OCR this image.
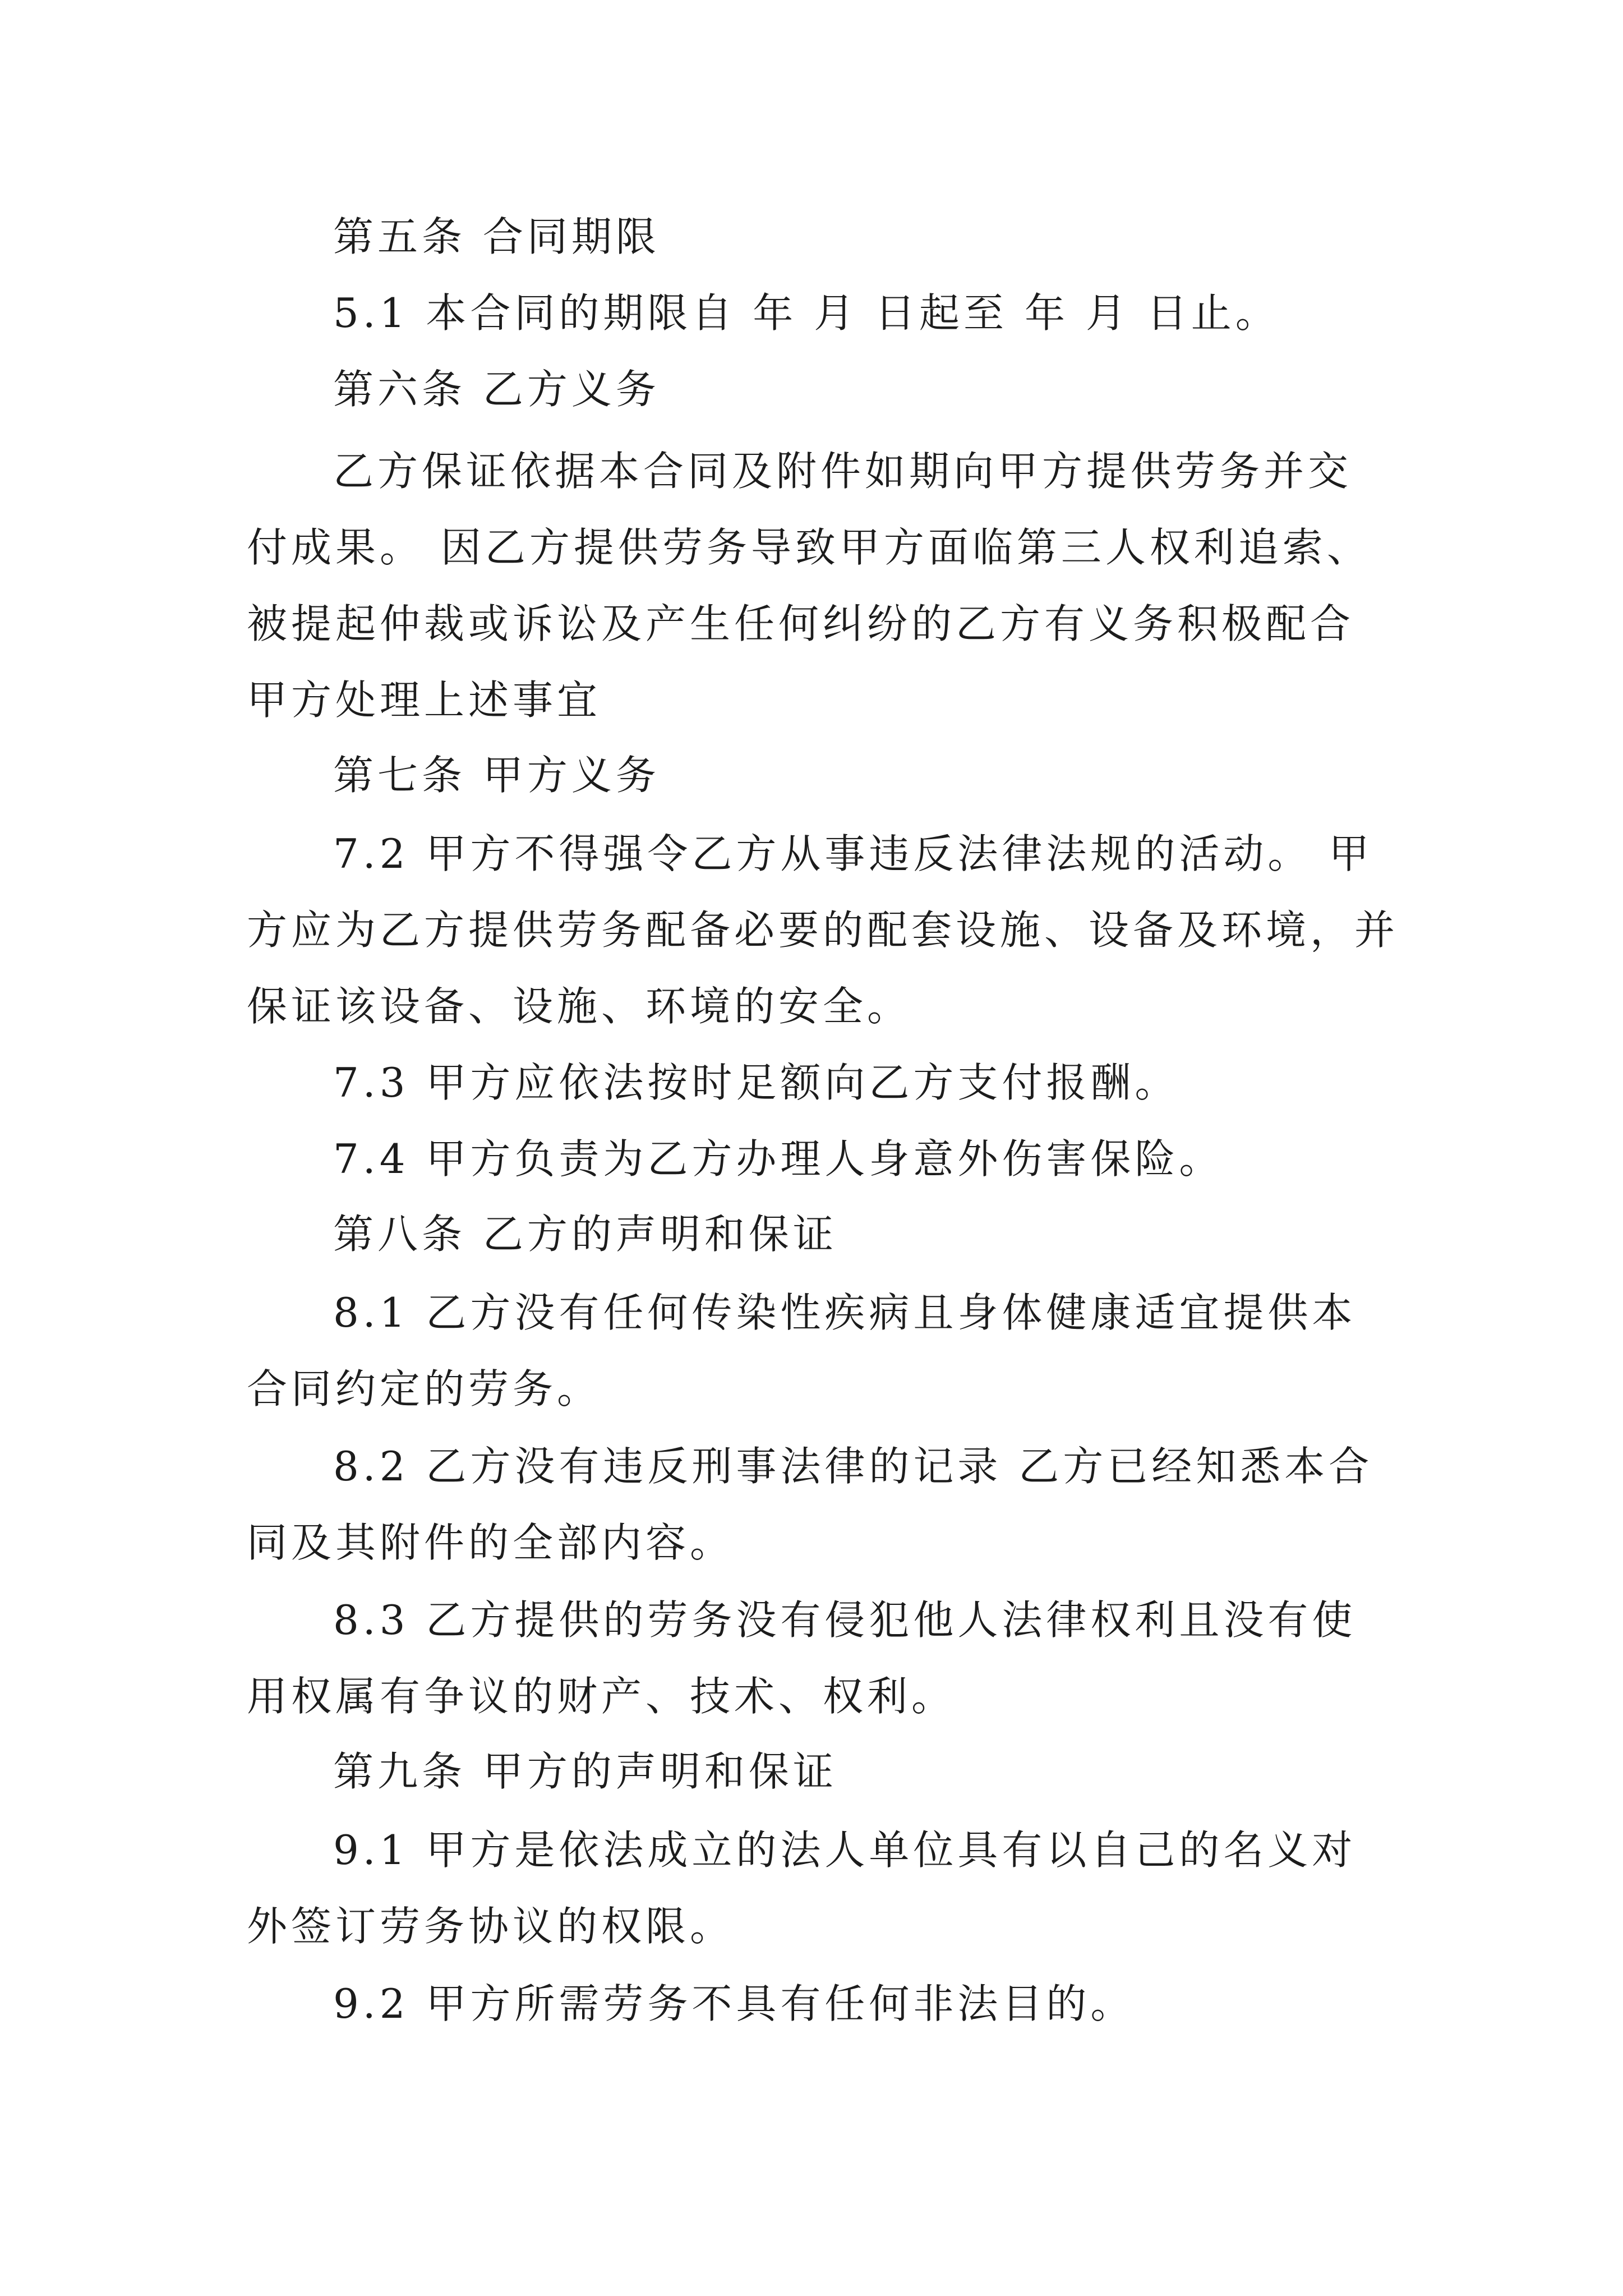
第五条 合同期限
5.1 本合同的期限自 年 月 日起至 年 月 日止。
第六条 乙方义务
乙方保证依据本合同及附件如期向甲方提供劳务并交
付成果。 因乙方提供劳务导致甲方面临第三人权利追索、
被提起仲裁或诉讼及产生任何纠纷的乙方有义务积极配合
甲方处理上述事宜
第七条 甲方义务
7.2 甲方不得强令乙方从事违反法律法规的活动。 甲
方应为乙方提供劳务配备必要的配套设施、设备及环境，并
保证该设备、设施、环境的安全。
7.3 甲方应依法按时足额向乙方支付报酬。
7.4 甲方负责为乙方办理人身意外伤害保险。
第八条 乙方的声明和保证
8.1 乙方没有任何传染性疾病且身体健康适宜提供本
合同约定的劳务。
8.2 乙方没有违反刑事法律的记录 乙方已经知悉本合
同及其附件的全部内容。
8.3 乙方提供的劳务没有侵犯他人法律权利且没有使
用权属有争议的财产、技术、权利。
第九条 甲方的声明和保证
9.1 甲方是依法成立的法人单位具有以自己的名义对
外签订劳务协议的权限。
9.2 甲方所需劳务不具有任何非法目的。
